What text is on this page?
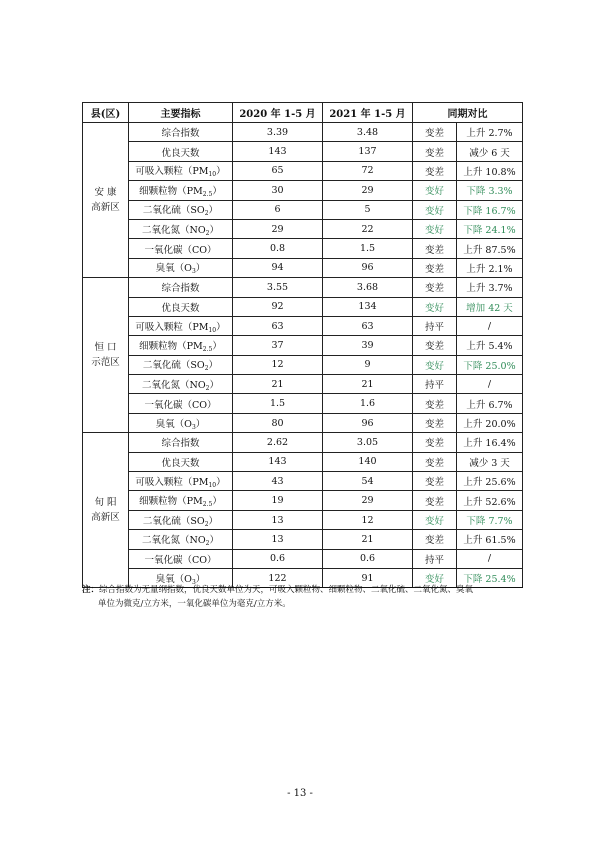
县(区)	主要指标	2020 年 1-5 月	2021 年 1-5 月	同期对比	
安 康
高新区	综合指数	3.39	3.48	变差	上升 2.7%
	优良天数	143	137	变差	减少 6 天
	可吸入颗粒$(PM_{10})$	65	72	变差	上升 10.8%
	细颗粒物$(PM_{2.5})$	30	29	变好	下降 3.3%
	二氧化硫$(SO_2)$	6	5	变好	下降 16.7%
	二氧化氮$(NO_2)$	29	22	变好	下降 24.1%
	一氧化碳（CO）	0.8	1.5	变差	上升 87.5%
	臭氧$(O_3)$	94	96	变差	上升 2.1%
恒 口
示范区	综合指数	3.55	3.68	变差	上升 3.7%
	优良天数	92	134	变好	增加 42 天
	可吸入颗粒$(PM_{10})$	63	63	持平	/
	细颗粒物$(PM_{2.5})$	37	39	变差	上升 5.4%
	二氧化硫$(SO_2)$	12	9	变好	下降 25.0%
	二氧化氮$(NO_2)$	21	21	持平	/
	一氧化碳（CO）	1.5	1.6	变差	上升 6.7%
	臭氧$(O_3)$	80	96	变差	上升 20.0%
旬 阳
高新区	综合指数	2.62	3.05	变差	上升 16.4%
	优良天数	143	140	变差	减少 3 天
	可吸入颗粒$(PM_{10})$	43	54	变差	上升 25.6%
	细颗粒物$(PM_{2.5})$	19	29	变差	上升 52.6%
	二氧化硫$(SO_2)$	13	12	变好	下降 7.7%
	二氧化氮$(NO_2)$	13	21	变差	上升 61.5%
	一氧化碳（CO）	0.6	0.6	持平	/
	臭氧$(O_3)$	122	91	变好	下降 25.4%
注：综合指数为无量纲指数，优良天数单位为天，可吸入颗粒物、细颗粒物、二氧化硫、二氧化氮、臭氧
单位为微克/立方米，一氧化碳单位为毫克/立方米。
- 13 -
